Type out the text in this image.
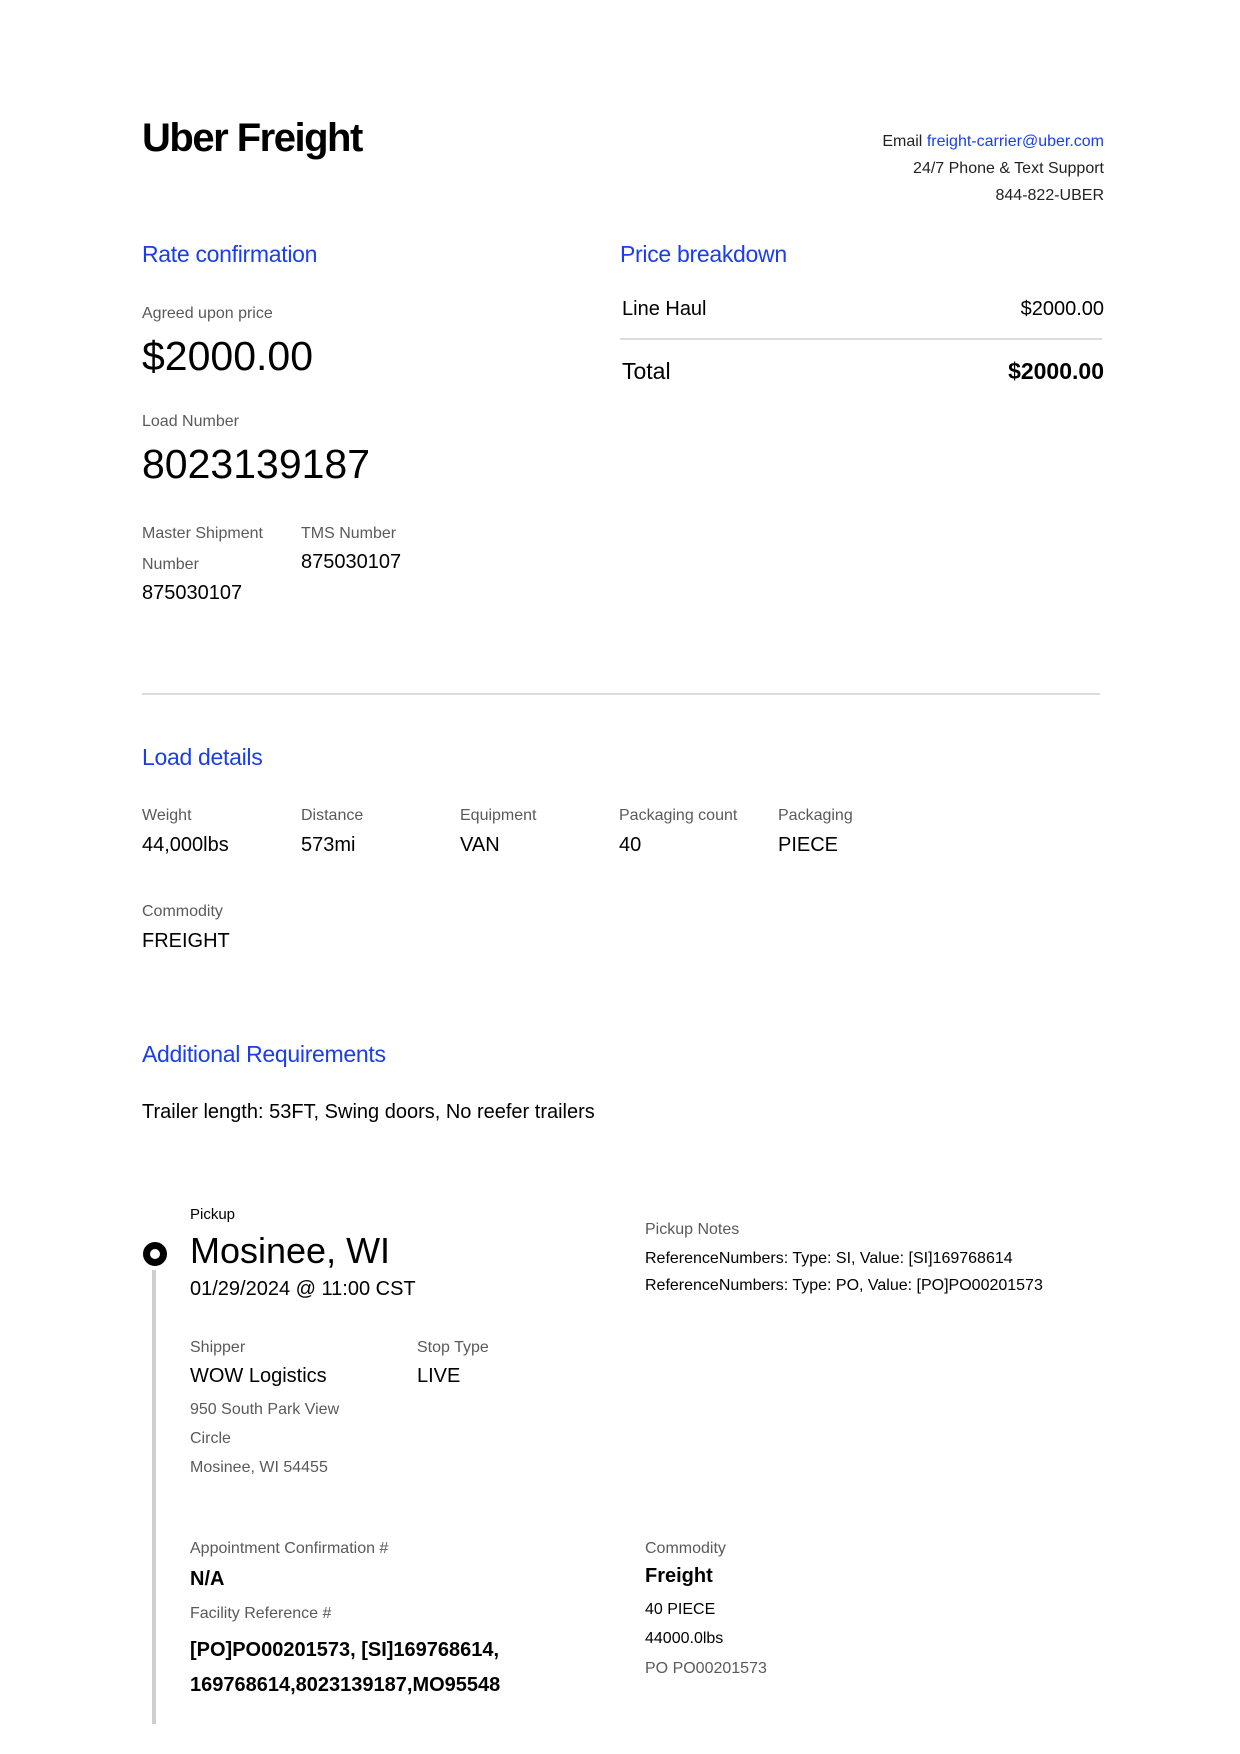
Uber Freight	Email freight-carrier@uber.com
24/7 Phone & Text Support
844-822-UBER
Rate confirmation
Agreed upon price
$2000.00
Load Number
8023139187
Master Shipment
Number
875030107
TMS Number
875030107
Price breakdown
Line Haul	$2000.00
Total	$2000.00
Load details
Weight
44,000lbs
Distance
573mi
Equipment
VAN
Packaging count
40
Packaging
PIECE
Commodity
FREIGHT
Additional Requirements
Trailer length: 53FT, Swing doors, No reefer trailers
Pickup
Mosinee, WI
01/29/2024 @ 11:00 CST
Pickup Notes
ReferenceNumbers: Type: SI, Value: [SI]169768614
ReferenceNumbers: Type: PO, Value: [PO]PO00201573
Shipper
WOW Logistics
950 South Park View
Circle
Mosinee, WI 54455
Stop Type
LIVE
Appointment Confirmation #
N/A
Facility Reference #
[PO]PO00201573, [SI]169768614,
169768614,8023139187,MO95548
Commodity
Freight
40 PIECE
44000.0lbs
PO PO00201573
